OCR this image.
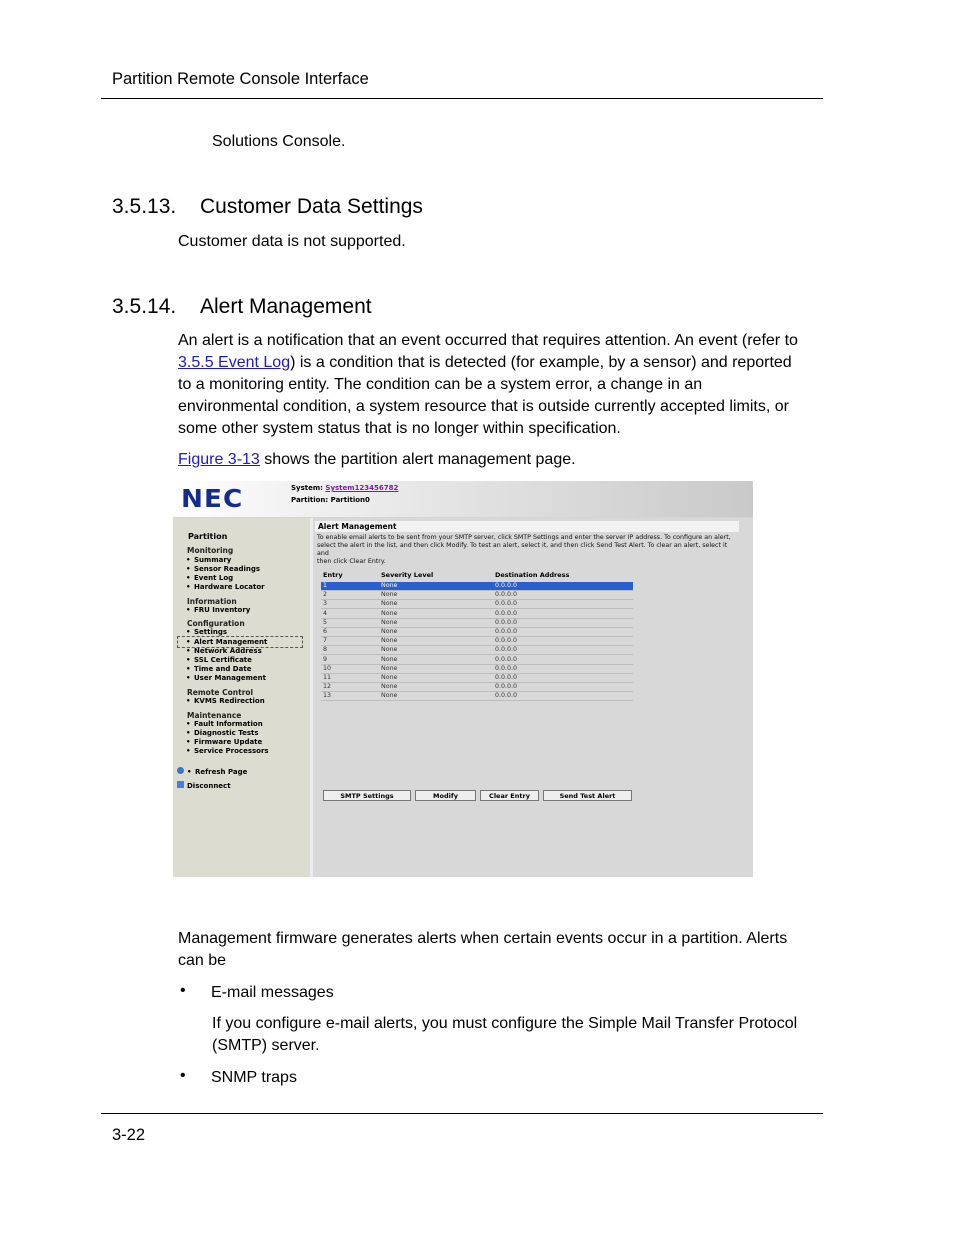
Partition Remote Console Interface
Solutions Console.
3.5.13. Customer Data Settings
Customer data is not supported.
3.5.14. Alert Management
An alert is a notification that an event occurred that requires attention. An event (refer to
3.5.5 Event Log) is a condition that is detected (for example, by a sensor) and reported
to a monitoring entity. The condition can be a system error, a change in an
environmental condition, a system resource that is outside currently accepted limits, or
some other system status that is no longer within specification.
Figure 3-13 shows the partition alert management page.
NEC	System: System123456782
Partition: Partition0
Partition
Monitoring
• Summary
• Sensor Readings
• Event Log
• Hardware Locator
Information
• FRU Inventory
Configuration
• Settings
• Alert Management
• Network Address
• SSL Certificate
• Time and Date
• User Management
Remote Control
• KVMS Redirection
Maintenance
• Fault Information
• Diagnostic Tests
• Firmware Update
• Service Processors
• Refresh Page
Disconnect
Alert Management
To enable email alerts to be sent from your SMTP server, click SMTP Settings and enter the server IP address. To configure an alert,
select the alert in the list, and then click Modify. To test an alert, select it, and then click Send Test Alert. To clear an alert, select it and
then click Clear Entry.
Entry	Severity Level	Destination Address
1	None	0.0.0.0
2	None	0.0.0.0
3	None	0.0.0.0
4	None	0.0.0.0
5	None	0.0.0.0
6	None	0.0.0.0
7	None	0.0.0.0
8	None	0.0.0.0
9	None	0.0.0.0
10	None	0.0.0.0
11	None	0.0.0.0
12	None	0.0.0.0
13	None	0.0.0.0
SMTP Settings	Modify	Clear Entry	Send Test Alert
Management firmware generates alerts when certain events occur in a partition. Alerts
can be
• E-mail messages
If you configure e-mail alerts, you must configure the Simple Mail Transfer Protocol
(SMTP) server.
• SNMP traps
3-22
